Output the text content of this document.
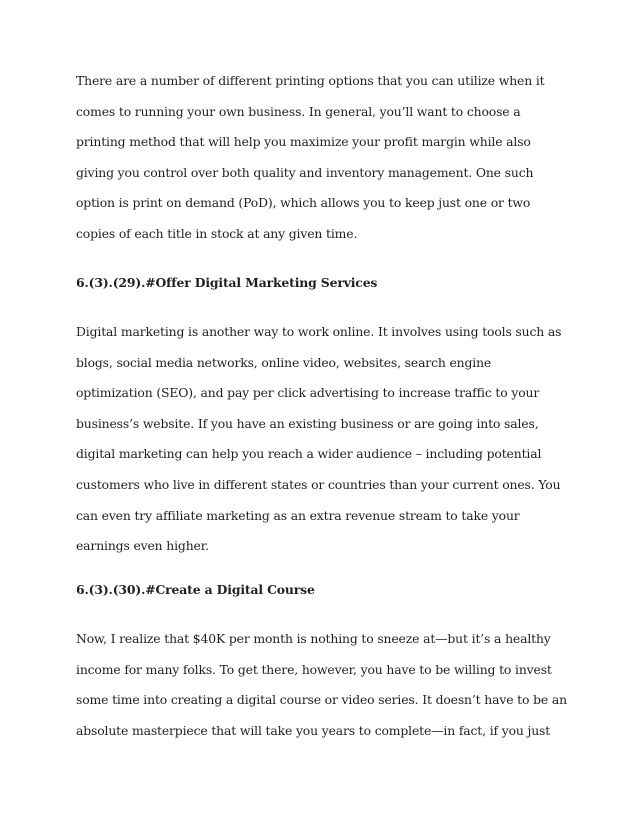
There are a number of different printing options that you can utilize when it
comes to running your own business. In general, you’ll want to choose a
printing method that will help you maximize your profit margin while also
giving you control over both quality and inventory management. One such
option is print on demand (PoD), which allows you to keep just one or two
copies of each title in stock at any given time.
6.(3).(29).#Offer Digital Marketing Services
Digital marketing is another way to work online. It involves using tools such as
blogs, social media networks, online video, websites, search engine
optimization (SEO), and pay per click advertising to increase traffic to your
business’s website. If you have an existing business or are going into sales,
digital marketing can help you reach a wider audience – including potential
customers who live in different states or countries than your current ones. You
can even try affiliate marketing as an extra revenue stream to take your
earnings even higher.
6.(3).(30).#Create a Digital Course
Now, I realize that $40K per month is nothing to sneeze at—but it’s a healthy
income for many folks. To get there, however, you have to be willing to invest
some time into creating a digital course or video series. It doesn’t have to be an
absolute masterpiece that will take you years to complete—in fact, if you just
